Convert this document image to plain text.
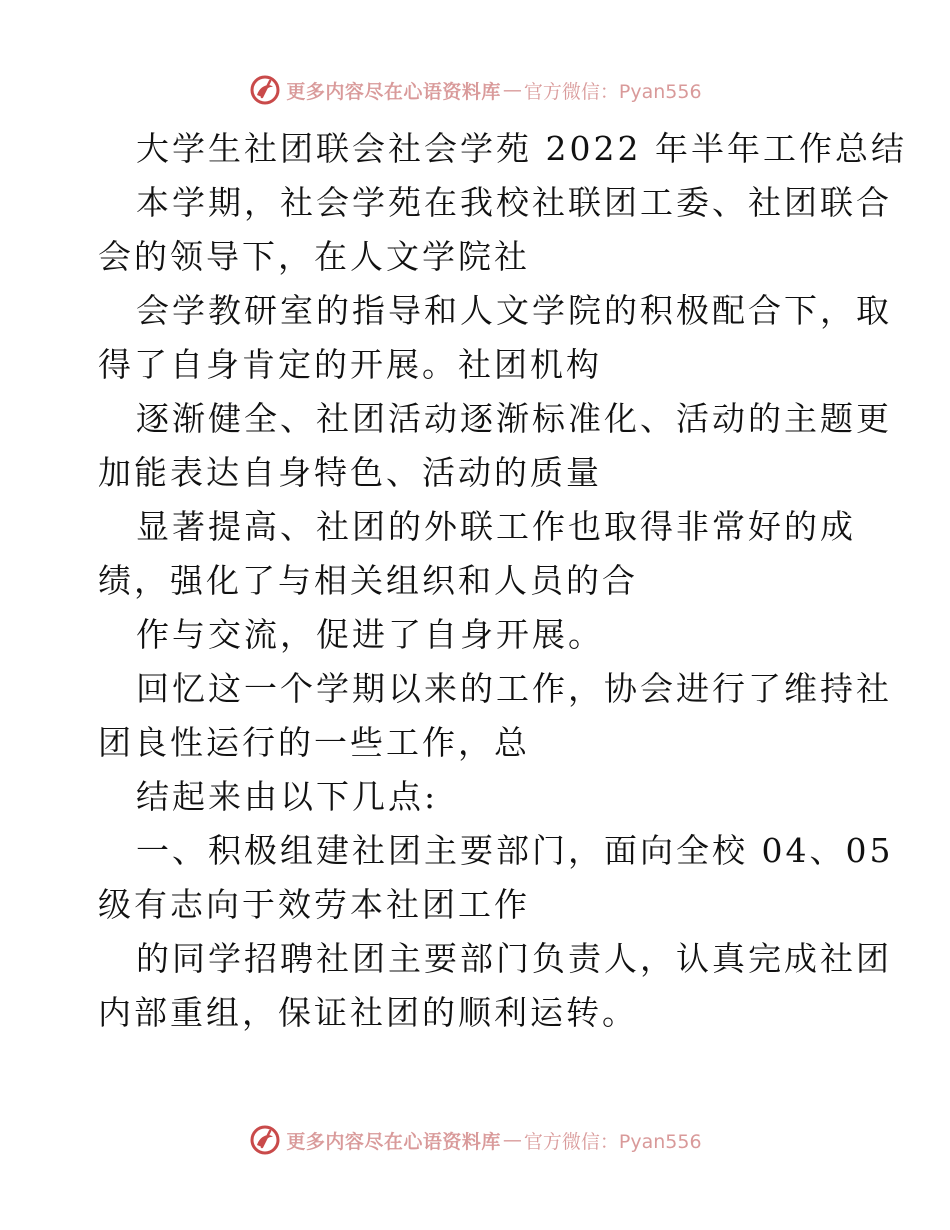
更多内容尽在心语资料库 — 官方微信：Pyan556
大学生社团联会社会学苑 2022 年半年工作总结
本学期，社会学苑在我校社联团工委、社团联合
会的领导下，在人文学院社
会学教研室的指导和人文学院的积极配合下，取
得了自身肯定的开展。社团机构
逐渐健全、社团活动逐渐标准化、活动的主题更
加能表达自身特色、活动的质量
显著提高、社团的外联工作也取得非常好的成
绩，强化了与相关组织和人员的合
作与交流，促进了自身开展。
回忆这一个学期以来的工作，协会进行了维持社
团良性运行的一些工作，总
结起来由以下几点:
一、积极组建社团主要部门，面向全校 04、05
级有志向于效劳本社团工作
的同学招聘社团主要部门负责人，认真完成社团
内部重组，保证社团的顺利运转。
更多内容尽在心语资料库 — 官方微信：Pyan556
